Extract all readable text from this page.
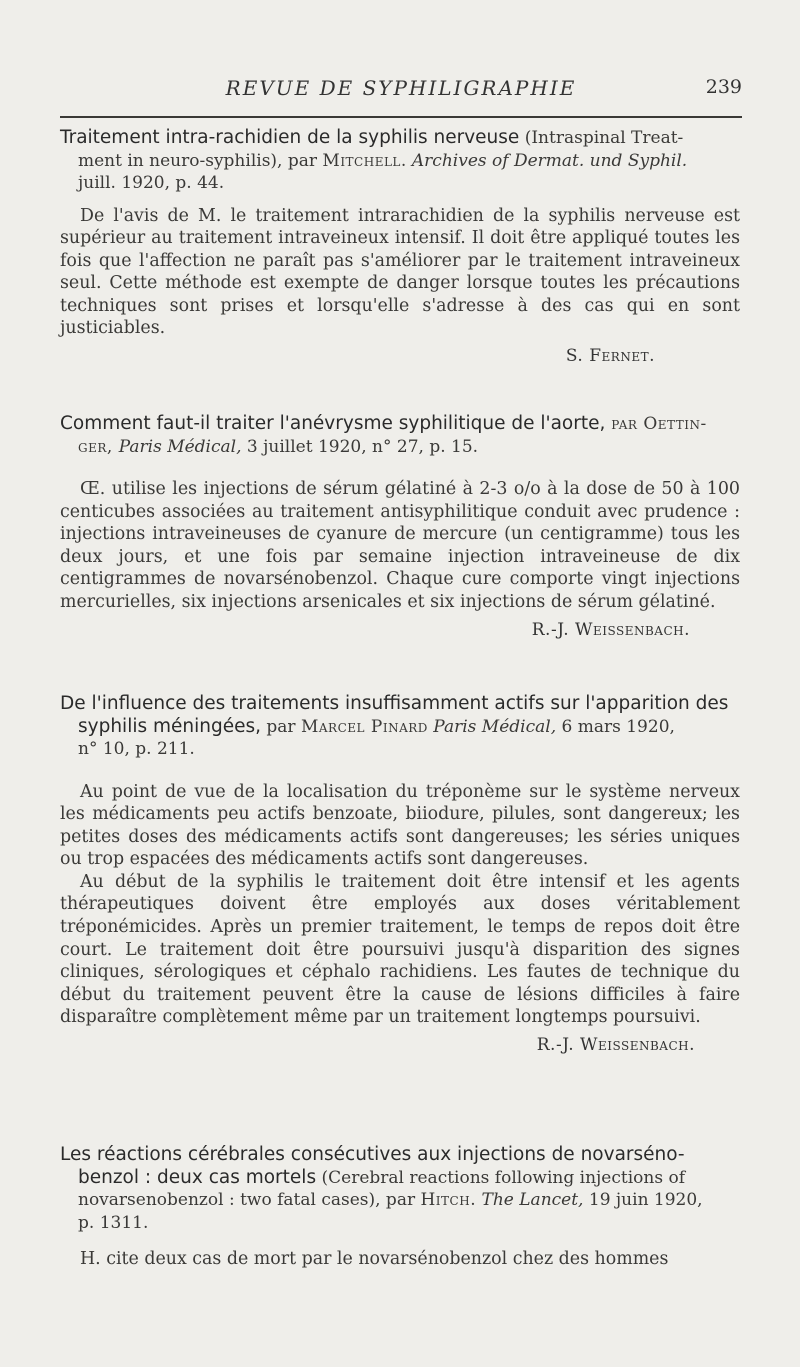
REVUE DE SYPHILIGRAPHIE	239
Traitement intra-rachidien de la syphilis nerveuse (Intraspinal Treat-
ment in neuro-syphilis), par Mitchell. Archives of Dermat. und Syphil.
juill. 1920, p. 44.

De l'avis de M. le traitement intrarachidien de la syphilis nerveuse est supérieur au traitement intraveineux intensif. Il doit être appliqué toutes les fois que l'affection ne paraît pas s'améliorer par le traitement intraveineux seul. Cette méthode est exempte de danger lorsque toutes les précautions techniques sont prises et lorsqu'elle s'adresse à des cas qui en sont justiciables.

S. Fernet.
Comment faut-il traiter l'anévrysme syphilitique de l'aorte, par Oettin-
ger, Paris Médical, 3 juillet 1920, n° 27, p. 15.

Œ. utilise les injections de sérum gélatiné à 2-3 o/o à la dose de 50 à 100 centicubes associées au traitement antisyphilitique conduit avec prudence : injections intraveineuses de cyanure de mercure (un centigramme) tous les deux jours, et une fois par semaine injection intraveineuse de dix centigrammes de novarsénobenzol. Chaque cure comporte vingt injections mercurielles, six injections arsenicales et six injections de sérum gélatiné.

R.-J. Weissenbach.
De l'influence des traitements insuffisamment actifs sur l'apparition des
syphilis méningées, par Marcel Pinard Paris Médical, 6 mars 1920,
n° 10, p. 211.

Au point de vue de la localisation du tréponème sur le système nerveux les médicaments peu actifs benzoate, biiodure, pilules, sont dangereux; les petites doses des médicaments actifs sont dangereuses; les séries uniques ou trop espacées des médicaments actifs sont dangereuses.

Au début de la syphilis le traitement doit être intensif et les agents thérapeutiques doivent être employés aux doses véritablement tréponémicides. Après un premier traitement, le temps de repos doit être court. Le traitement doit être poursuivi jusqu'à disparition des signes cliniques, sérologiques et céphalo rachidiens. Les fautes de technique du début du traitement peuvent être la cause de lésions difficiles à faire disparaître complètement même par un traitement longtemps poursuivi.

R.-J. Weissenbach.
Les réactions cérébrales consécutives aux injections de novarséno-
benzol : deux cas mortels (Cerebral reactions following injections of
novarsenobenzol : two fatal cases), par Hitch. The Lancet, 19 juin 1920,
p. 1311.

H. cite deux cas de mort par le novarsénobenzol chez des hommes
